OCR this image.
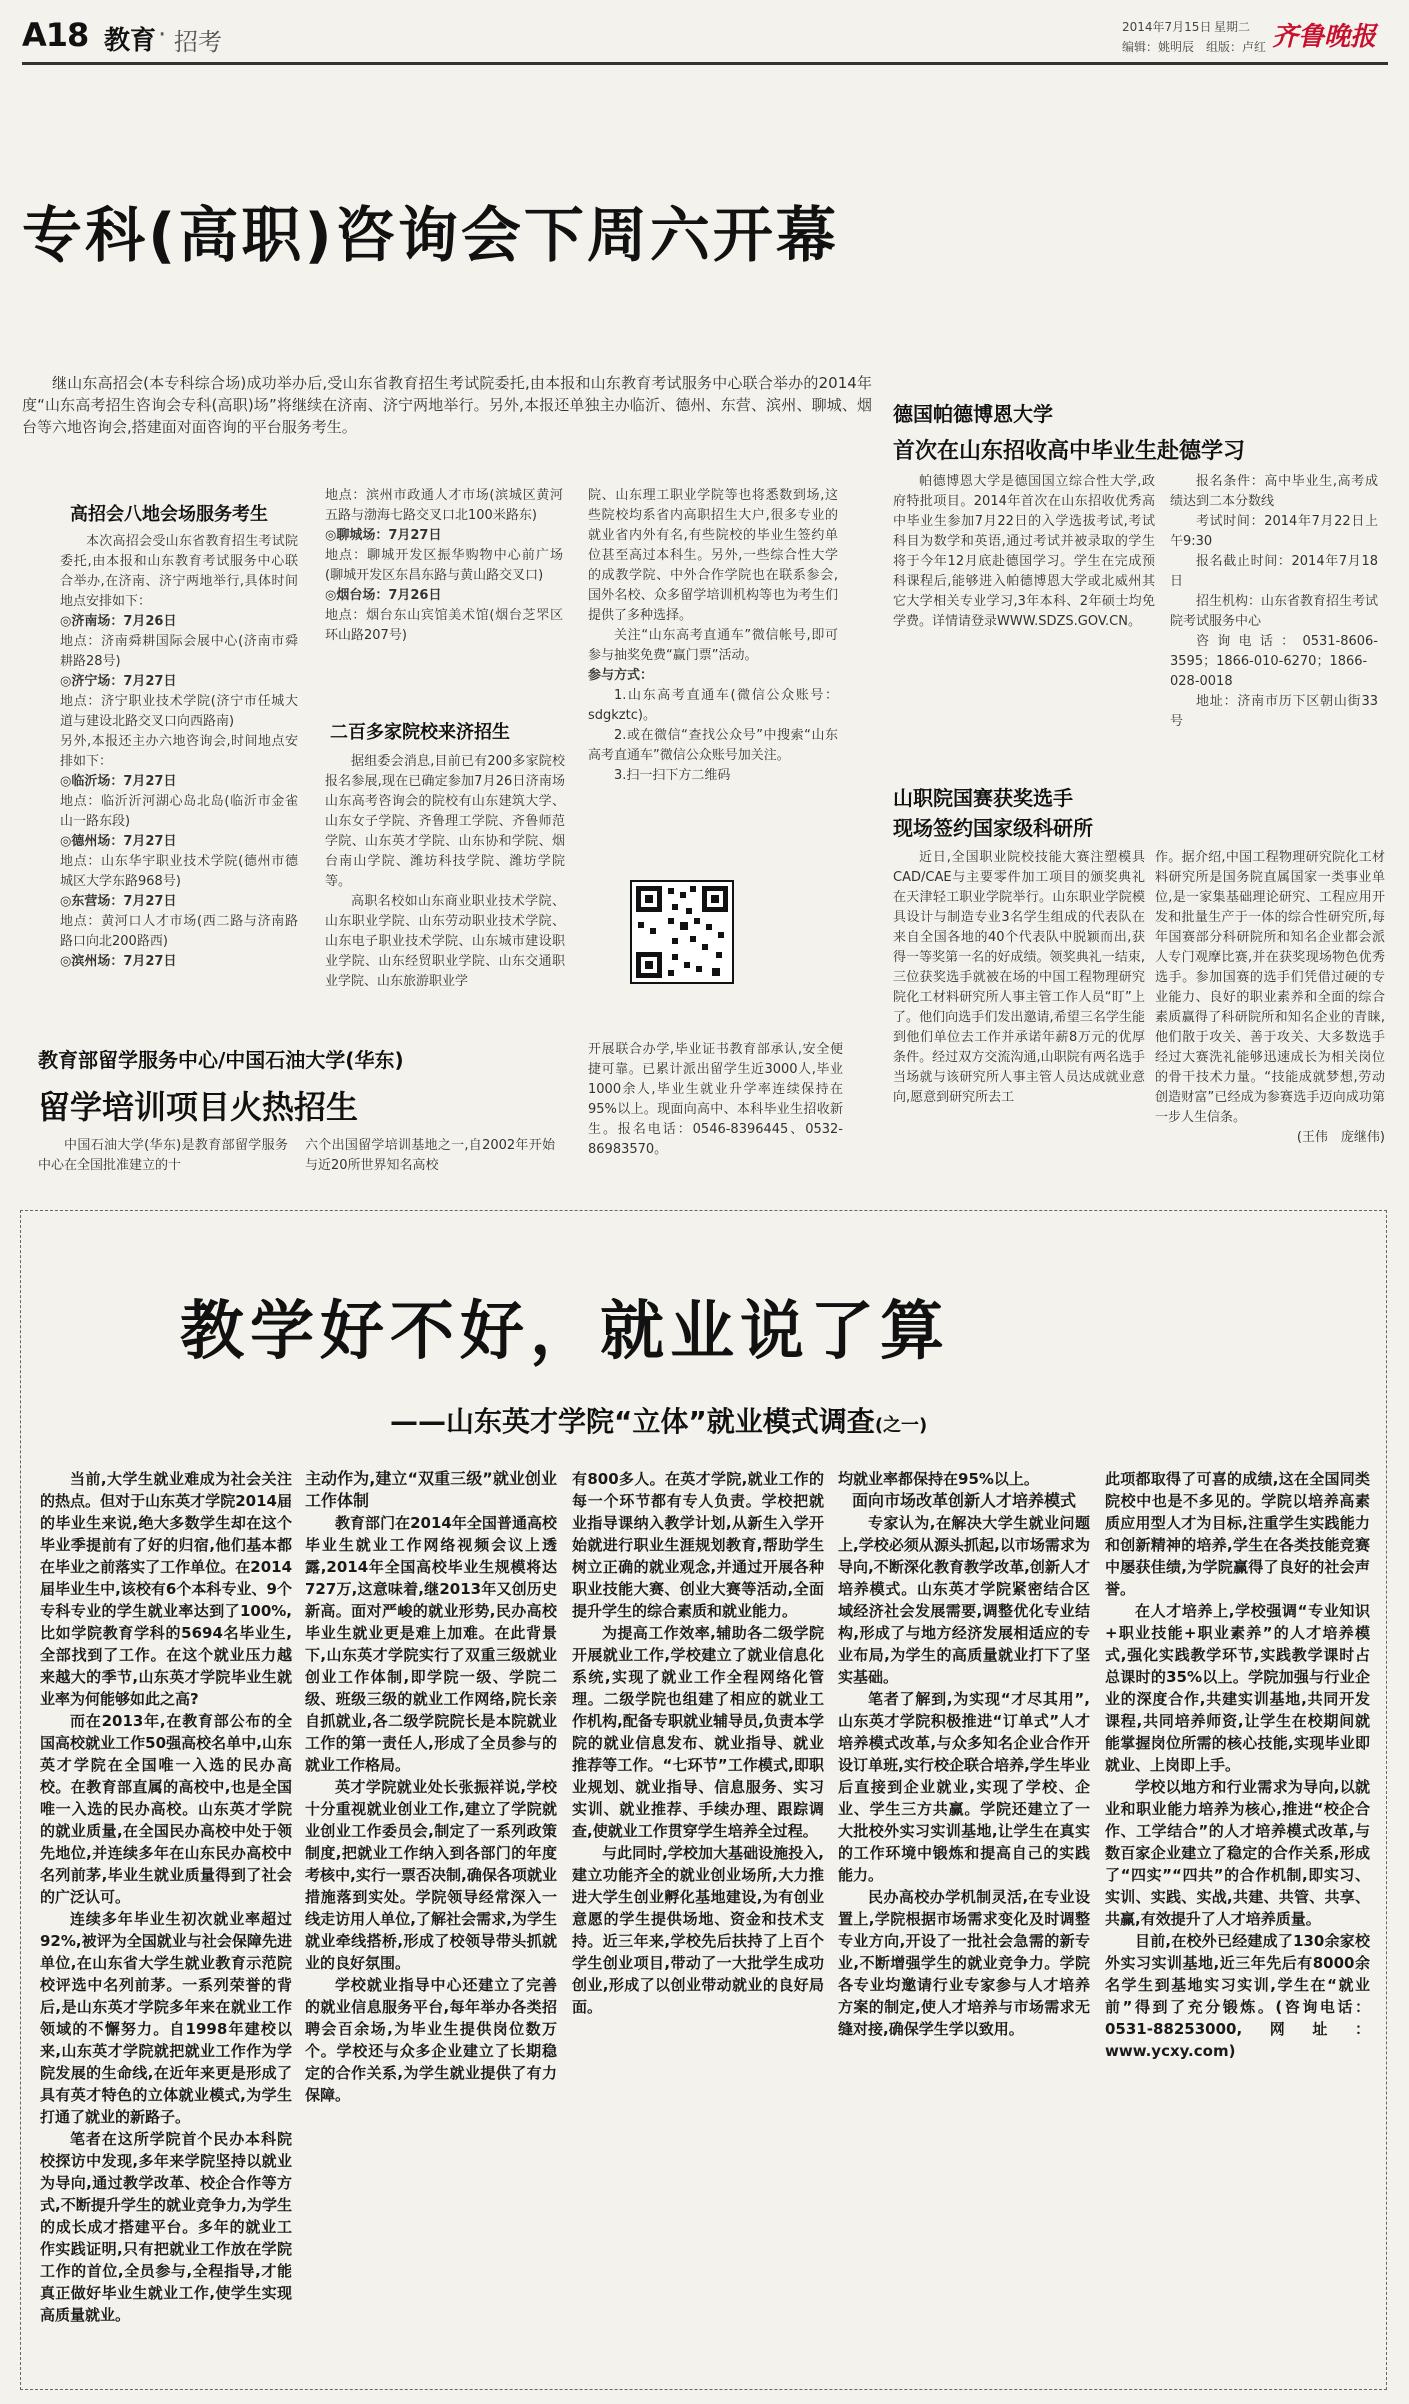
A18 教育 · 招考
2014年7月15日 星期二
编辑：姚明辰　组版：卢红 齐鲁晚报
专科(高职)咨询会下周六开幕

继山东高招会(本专科综合场)成功举办后,受山东省教育招生考试院委托,由本报和山东教育考试服务中心联合举办的2014年度“山东高考招生咨询会专科(高职)场”将继续在济南、济宁两地举行。另外,本报还单独主办临沂、德州、东营、滨州、聊城、烟台等六地咨询会,搭建面对面咨询的平台服务考生。

高招会八地会场服务考生

本次高招会受山东省教育招生考试院委托,由本报和山东教育考试服务中心联合举办,在济南、济宁两地举行,具体时间地点安排如下：

◎济南场：7月26日

地点：济南舜耕国际会展中心(济南市舜耕路28号)

◎济宁场：7月27日

地点：济宁职业技术学院(济宁市任城大道与建设北路交叉口向西路南)

另外,本报还主办六地咨询会,时间地点安排如下：

◎临沂场：7月27日

地点：临沂沂河湖心岛北岛(临沂市金雀山一路东段)

◎德州场：7月27日

地点：山东华宇职业技术学院(德州市德城区大学东路968号)

◎东营场：7月27日

地点：黄河口人才市场(西二路与济南路路口向北200路西)

◎滨州场：7月27日

地点：滨州市政通人才市场(滨城区黄河五路与渤海七路交叉口北100米路东)

◎聊城场：7月27日

地点：聊城开发区振华购物中心前广场(聊城开发区东昌东路与黄山路交叉口)

◎烟台场：7月26日

地点：烟台东山宾馆美术馆(烟台芝罘区环山路207号)

二百多家院校来济招生

据组委会消息,目前已有200多家院校报名参展,现在已确定参加7月26日济南场山东高考咨询会的院校有山东建筑大学、山东女子学院、齐鲁理工学院、齐鲁师范学院、山东英才学院、山东协和学院、烟台南山学院、潍坊科技学院、潍坊学院等。

高职名校如山东商业职业技术学院、山东职业学院、山东劳动职业技术学院、山东电子职业技术学院、山东城市建设职业学院、山东经贸职业学院、山东交通职业学院、山东旅游职业学

院、山东理工职业学院等也将悉数到场,这些院校均系省内高职招生大户,很多专业的就业省内外有名,有些院校的毕业生签约单位甚至高过本科生。另外,一些综合性大学的成教学院、中外合作学院也在联系参会,国外名校、众多留学培训机构等也为考生们提供了多种选择。

关注“山东高考直通车”微信帐号,即可参与抽奖免费“赢门票”活动。

参与方式：

1.山东高考直通车(微信公众账号：sdgkztc)。

2.或在微信“查找公众号”中搜索“山东高考直通车”微信公众账号加关注。

3.扫一扫下方二维码

德国帕德博恩大学
首次在山东招收高中毕业生赴德学习

帕德博恩大学是德国国立综合性大学,政府特批项目。2014年首次在山东招收优秀高中毕业生参加7月22日的入学选拔考试,考试科目为数学和英语,通过考试并被录取的学生将于今年12月底赴德国学习。学生在完成预科课程后,能够进入帕德博恩大学或北威州其它大学相关专业学习,3年本科、2年硕士均免学费。详情请登录WWW.SDZS.GOV.CN。

报名条件：高中毕业生,高考成绩达到二本分数线

考试时间：2014年7月22日上午9:30

报名截止时间：2014年7月18日

招生机构：山东省教育招生考试院考试服务中心

咨询电话：0531-8606-3595；1866-010-6270；1866-028-0018

地址：济南市历下区朝山街33号

山职院国赛获奖选手
现场签约国家级科研所

近日,全国职业院校技能大赛注塑模具CAD/CAE与主要零件加工项目的颁奖典礼在天津轻工职业学院举行。山东职业学院模具设计与制造专业3名学生组成的代表队在来自全国各地的40个代表队中脱颖而出,获得一等奖第一名的好成绩。领奖典礼一结束,三位获奖选手就被在场的中国工程物理研究院化工材料研究所人事主管工作人员“盯”上了。他们向选手们发出邀请,希望三名学生能到他们单位去工作并承诺年薪8万元的优厚条件。经过双方交流沟通,山职院有两名选手当场就与该研究所人事主管人员达成就业意向,愿意到研究所去工

作。据介绍,中国工程物理研究院化工材料研究所是国务院直属国家一类事业单位,是一家集基础理论研究、工程应用开发和批量生产于一体的综合性研究所,每年国赛部分科研院所和知名企业都会派人专门观摩比赛,并在获奖现场物色优秀选手。参加国赛的选手们凭借过硬的专业能力、良好的职业素养和全面的综合素质赢得了科研院所和知名企业的青睐,他们散于攻关、善于攻关、大多数选手经过大赛洗礼能够迅速成长为相关岗位的骨干技术力量。“技能成就梦想,劳动创造财富”已经成为参赛选手迈向成功第一步人生信条。

(王伟　庞继伟)

教育部留学服务中心/中国石油大学(华东)
留学培训项目火热招生

中国石油大学(华东)是教育部留学服务中心在全国批准建立的十

六个出国留学培训基地之一,自2002年开始与近20所世界知名高校

开展联合办学,毕业证书教育部承认,安全便捷可靠。已累计派出留学生近3000人,毕业1000余人,毕业生就业升学率连续保持在95%以上。现面向高中、本科毕业生招收新生。报名电话：0546-8396445、0532-86983570。

教学好不好，就业说了算
——山东英才学院“立体”就业模式调查(之一)

当前,大学生就业难成为社会关注的热点。但对于山东英才学院2014届的毕业生来说,绝大多数学生却在这个毕业季提前有了好的归宿,他们基本都在毕业之前落实了工作单位。在2014届毕业生中,该校有6个本科专业、9个专科专业的学生就业率达到了100%,比如学院教育学科的5694名毕业生,全部找到了工作。在这个就业压力越来越大的季节,山东英才学院毕业生就业率为何能够如此之高?

而在2013年,在教育部公布的全国高校就业工作50强高校名单中,山东英才学院在全国唯一入选的民办高校。在教育部直属的高校中,也是全国唯一入选的民办高校。山东英才学院的就业质量,在全国民办高校中处于领先地位,并连续多年在山东民办高校中名列前茅,毕业生就业质量得到了社会的广泛认可。

连续多年毕业生初次就业率超过92%,被评为全国就业与社会保障先进单位,在山东省大学生就业教育示范院校评选中名列前茅。一系列荣誉的背后,是山东英才学院多年来在就业工作领域的不懈努力。自1998年建校以来,山东英才学院就把就业工作作为学院发展的生命线,在近年来更是形成了具有英才特色的立体就业模式,为学生打通了就业的新路子。

笔者在这所学院首个民办本科院校探访中发现,多年来学院坚持以就业为导向,通过教学改革、校企合作等方式,不断提升学生的就业竞争力,为学生的成长成才搭建平台。多年的就业工作实践证明,只有把就业工作放在学院工作的首位,全员参与,全程指导,才能真正做好毕业生就业工作,使学生实现高质量就业。

主动作为,建立“双重三级”就业创业工作体制

教育部门在2014年全国普通高校毕业生就业工作网络视频会议上透露,2014年全国高校毕业生规模将达727万,这意味着,继2013年又创历史新高。面对严峻的就业形势,民办高校毕业生就业更是难上加难。在此背景下,山东英才学院实行了双重三级就业创业工作体制,即学院一级、学院二级、班级三级的就业工作网络,院长亲自抓就业,各二级学院院长是本院就业工作的第一责任人,形成了全员参与的就业工作格局。

英才学院就业处长张振祥说,学校十分重视就业创业工作,建立了学院就业创业工作委员会,制定了一系列政策制度,把就业工作纳入到各部门的年度考核中,实行一票否决制,确保各项就业措施落到实处。学院领导经常深入一线走访用人单位,了解社会需求,为学生就业牵线搭桥,形成了校领导带头抓就业的良好氛围。

学校就业指导中心还建立了完善的就业信息服务平台,每年举办各类招聘会百余场,为毕业生提供岗位数万个。学校还与众多企业建立了长期稳定的合作关系,为学生就业提供了有力保障。

有800多人。在英才学院,就业工作的每一个环节都有专人负责。学校把就业指导课纳入教学计划,从新生入学开始就进行职业生涯规划教育,帮助学生树立正确的就业观念,并通过开展各种职业技能大赛、创业大赛等活动,全面提升学生的综合素质和就业能力。

为提高工作效率,辅助各二级学院开展就业工作,学校建立了就业信息化系统,实现了就业工作全程网络化管理。二级学院也组建了相应的就业工作机构,配备专职就业辅导员,负责本学院的就业信息发布、就业指导、就业推荐等工作。“七环节”工作模式,即职业规划、就业指导、信息服务、实习实训、就业推荐、手续办理、跟踪调查,使就业工作贯穿学生培养全过程。

与此同时,学校加大基础设施投入,建立功能齐全的就业创业场所,大力推进大学生创业孵化基地建设,为有创业意愿的学生提供场地、资金和技术支持。近三年来,学校先后扶持了上百个学生创业项目,带动了一大批学生成功创业,形成了以创业带动就业的良好局面。

均就业率都保持在95%以上。

面向市场改革创新人才培养模式

专家认为,在解决大学生就业问题上,学校必须从源头抓起,以市场需求为导向,不断深化教育教学改革,创新人才培养模式。山东英才学院紧密结合区域经济社会发展需要,调整优化专业结构,形成了与地方经济发展相适应的专业布局,为学生的高质量就业打下了坚实基础。

笔者了解到,为实现“才尽其用”,山东英才学院积极推进“订单式”人才培养模式改革,与众多知名企业合作开设订单班,实行校企联合培养,学生毕业后直接到企业就业,实现了学校、企业、学生三方共赢。学院还建立了一大批校外实习实训基地,让学生在真实的工作环境中锻炼和提高自己的实践能力。

民办高校办学机制灵活,在专业设置上,学院根据市场需求变化及时调整专业方向,开设了一批社会急需的新专业,不断增强学生的就业竞争力。学院各专业均邀请行业专家参与人才培养方案的制定,使人才培养与市场需求无缝对接,确保学生学以致用。

此项都取得了可喜的成绩,这在全国同类院校中也是不多见的。学院以培养高素质应用型人才为目标,注重学生实践能力和创新精神的培养,学生在各类技能竞赛中屡获佳绩,为学院赢得了良好的社会声誉。

在人才培养上,学校强调“专业知识+职业技能+职业素养”的人才培养模式,强化实践教学环节,实践教学课时占总课时的35%以上。学院加强与行业企业的深度合作,共建实训基地,共同开发课程,共同培养师资,让学生在校期间就能掌握岗位所需的核心技能,实现毕业即就业、上岗即上手。

学校以地方和行业需求为导向,以就业和职业能力培养为核心,推进“校企合作、工学结合”的人才培养模式改革,与数百家企业建立了稳定的合作关系,形成了“四实”“四共”的合作机制,即实习、实训、实践、实战,共建、共管、共享、共赢,有效提升了人才培养质量。

目前,在校外已经建成了130余家校外实习实训基地,近三年先后有8000余名学生到基地实习实训,学生在“就业前”得到了充分锻炼。(咨询电话：0531-88253000,网址：www.ycxy.com)
